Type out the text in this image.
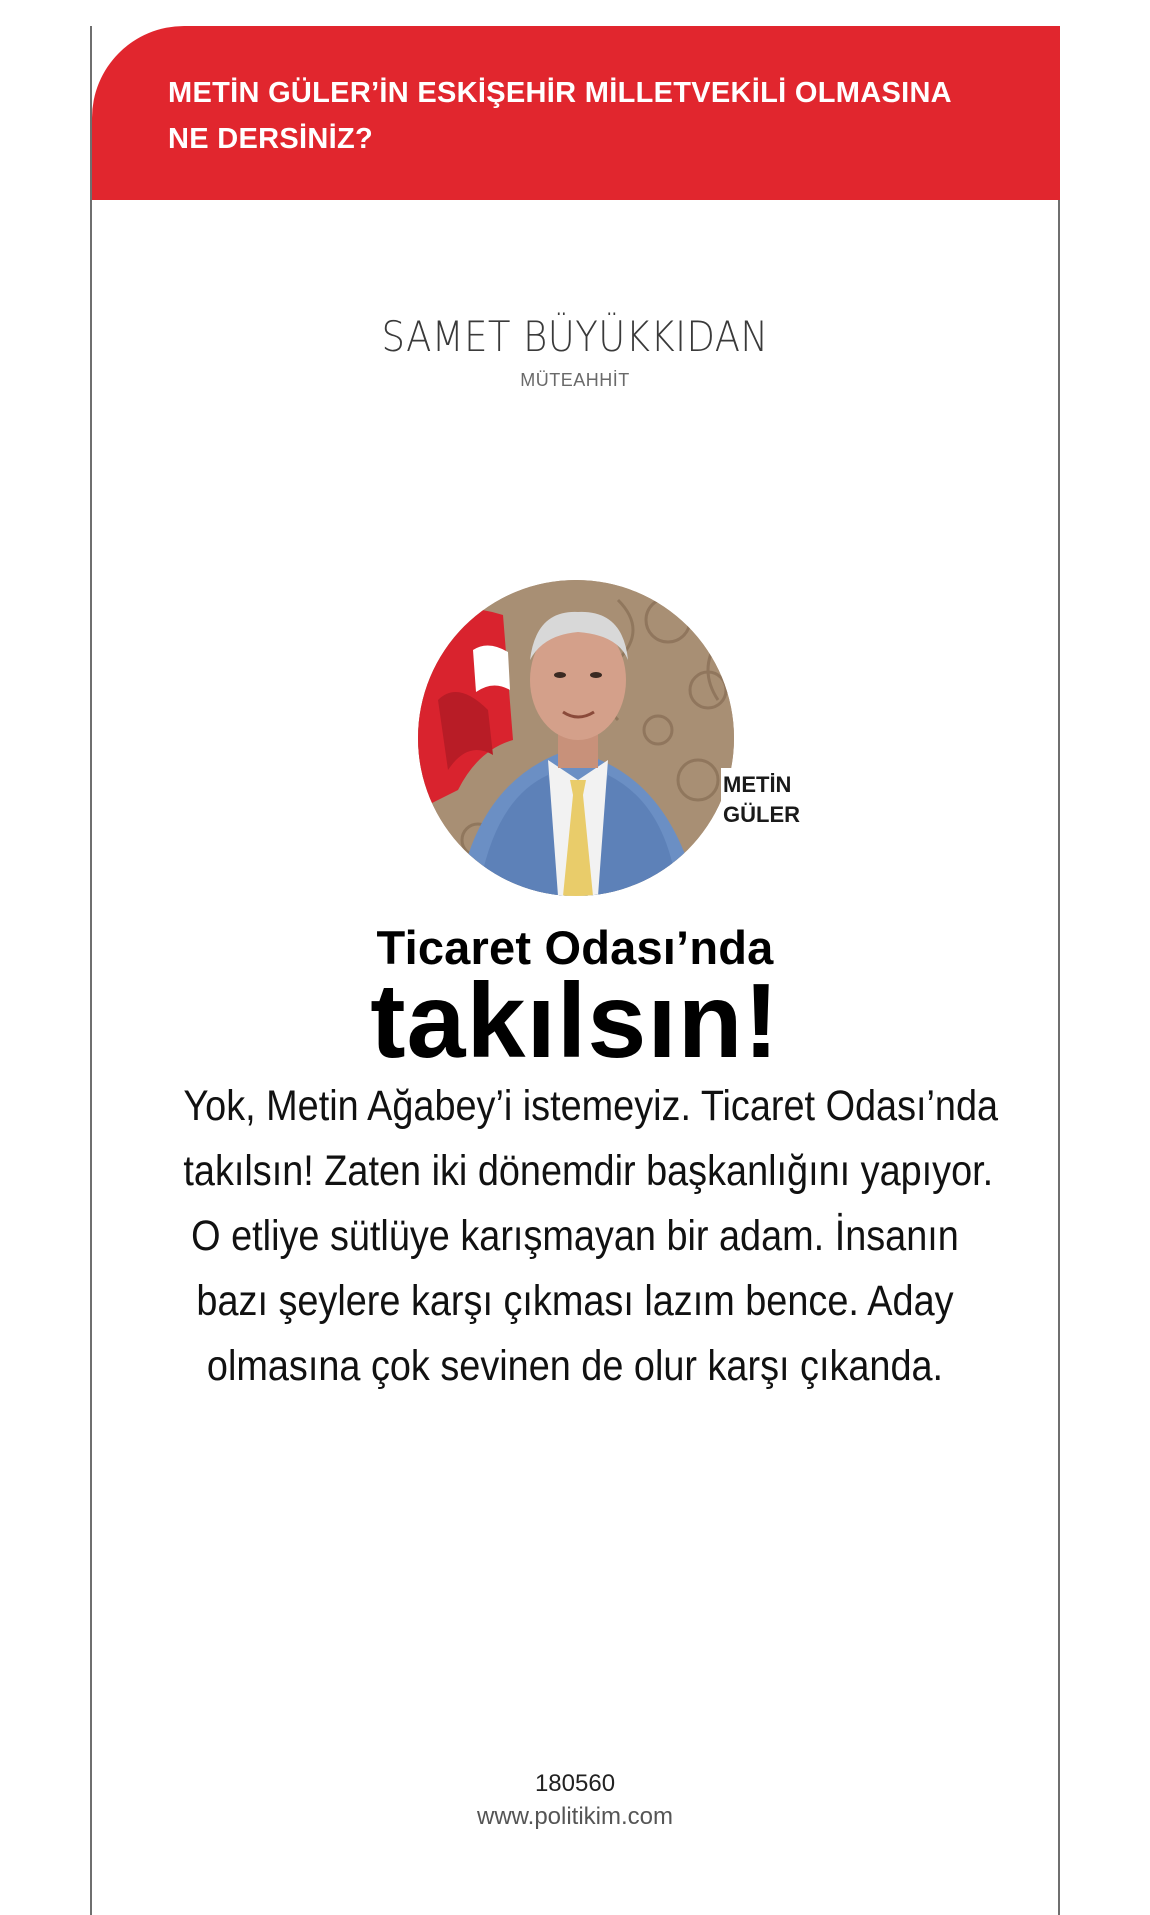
METİN GÜLER’İN ESKİŞEHİR MİLLETVEKİLİ OLMASINA
NE DERSİNİZ?
SAMET BÜYÜKKIDAN
MÜTEAHHİT
METİN
GÜLER
Ticaret Odası’nda
takılsın!
Yok, Metin Ağabey’i istemeyiz. Ticaret Odası’nda
takılsın! Zaten iki dönemdir başkanlığını yapıyor.
O etliye sütlüye karışmayan bir adam. İnsanın
bazı şeylere karşı çıkması lazım bence. Aday
olmasına çok sevinen de olur karşı çıkanda.
180560
www.politikim.com
